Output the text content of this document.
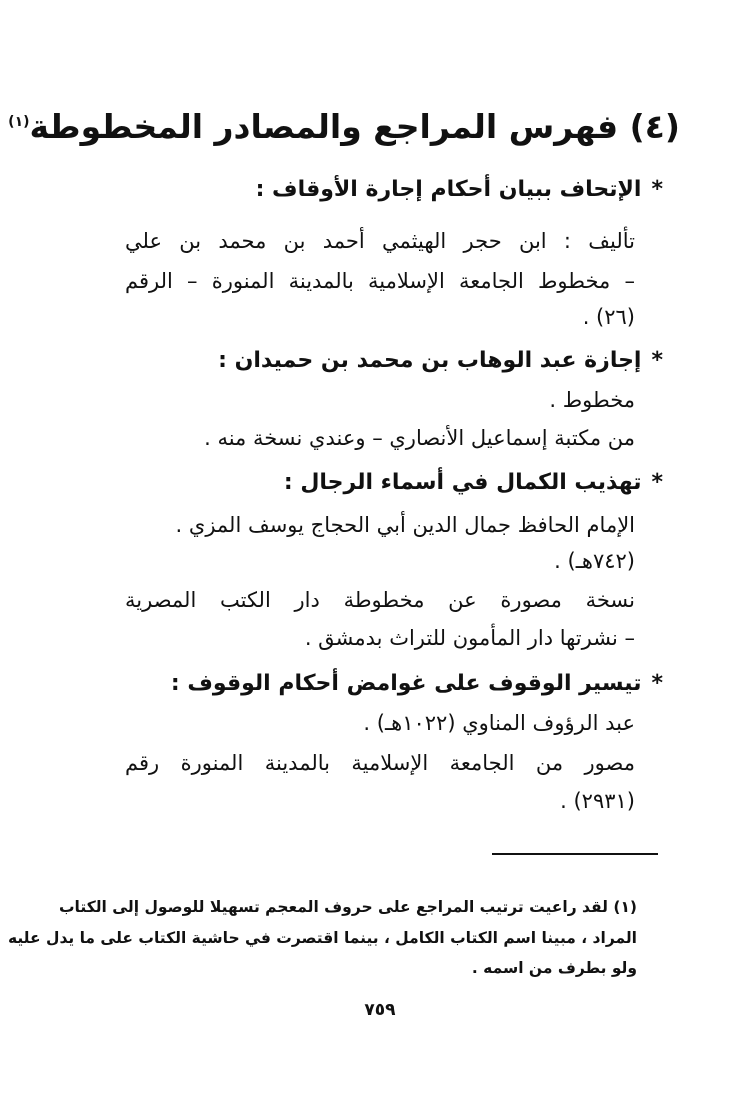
(٤) فهرس المراجع والمصادر المخطوطة$^{(١)}$
*الإتحاف ببيان أحكام إجارة الأوقاف :
تأليف : ابن حجر الهيثمي أحمد بن محمد بن علي
– مخطوط الجامعة الإسلامية بالمدينة المنورة – الرقم
(٢٦) .
*إجازة عبد الوهاب بن محمد بن حميدان :
مخطوط .
من مكتبة إسماعيل الأنصاري – وعندي نسخة منه .
*تهذيب الكمال في أسماء الرجال :
الإمام الحافظ جمال الدين أبي الحجاج يوسف المزي .
(٧٤٢هـ) .
نسخة مصورة عن مخطوطة دار الكتب المصرية
– نشرتها دار المأمون للتراث بدمشق .
*تيسير الوقوف على غوامض أحكام الوقوف :
عبد الرؤوف المناوي (١٠٢٢هـ) .
مصور من الجامعة الإسلامية بالمدينة المنورة رقم
(٢٩٣١) .
(١) لقد راعيت ترتيب المراجع على حروف المعجم تسهيلا للوصول إلى الكتاب
المراد ، مبينا اسم الكتاب الكامل ، بينما اقتصرت في حاشية الكتاب على ما يدل عليه
ولو بطرف من اسمه .
٧٥٩
